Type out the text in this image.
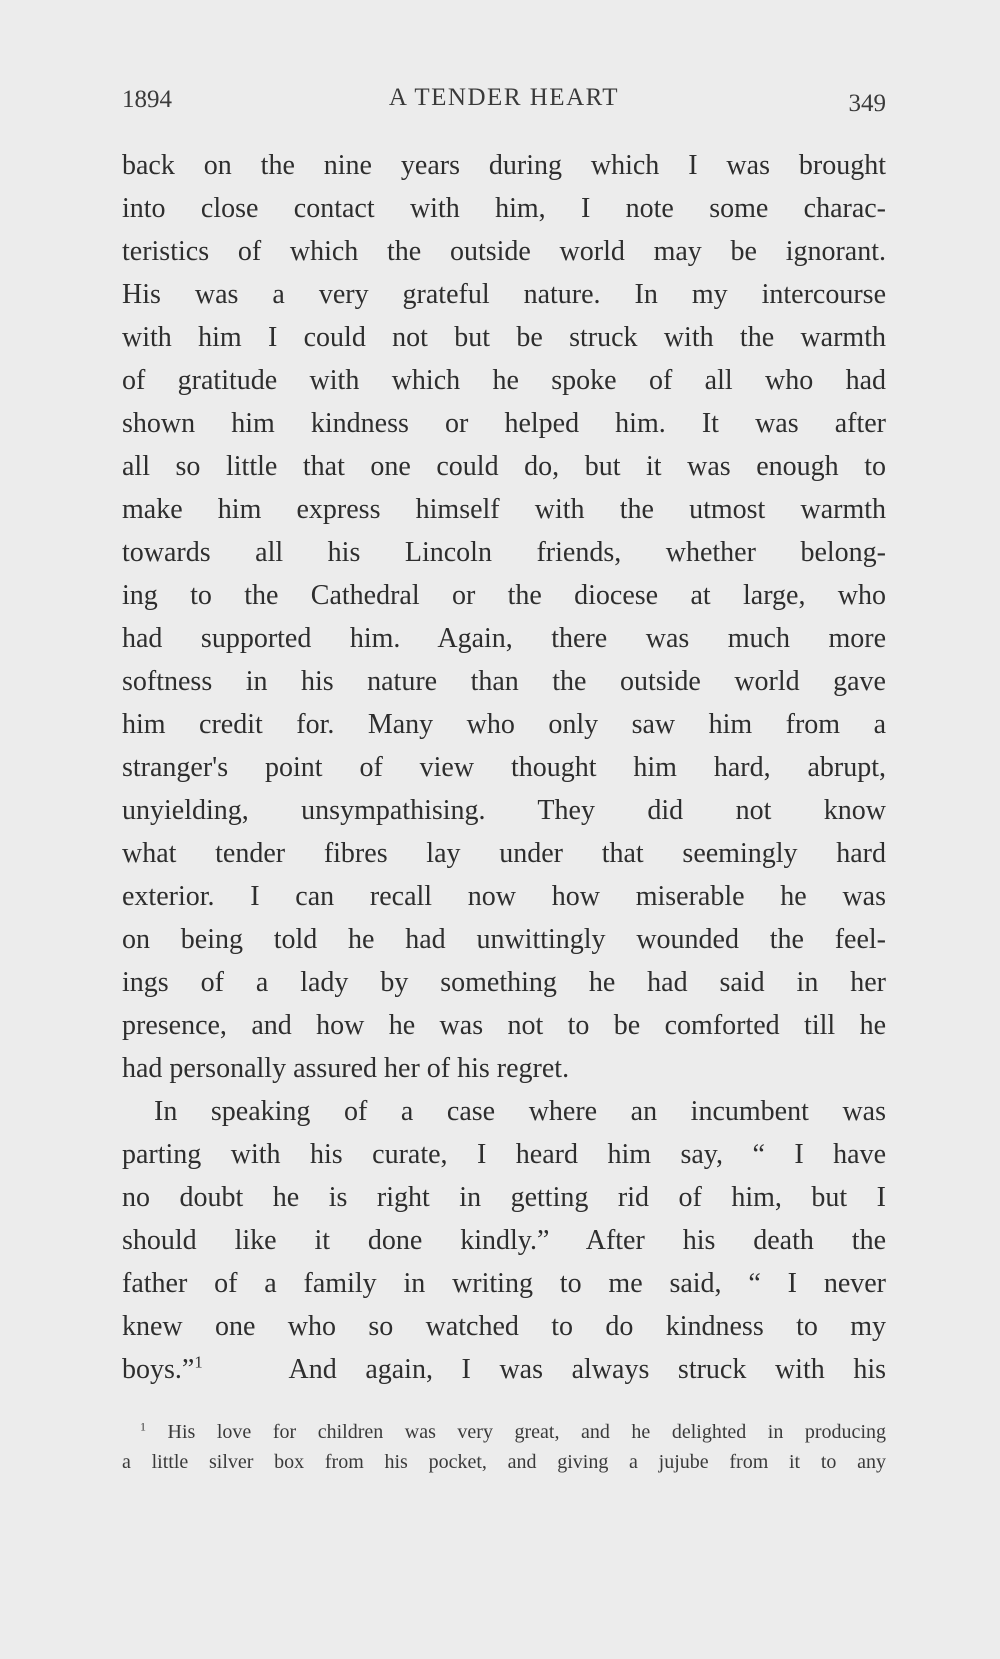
1894	A TENDER HEART	349
back on the nine years during which I was brought
into close contact with him, I note some charac-
teristics of which the outside world may be ignorant.
His was a very grateful nature. In my intercourse
with him I could not but be struck with the warmth
of gratitude with which he spoke of all who had
shown him kindness or helped him. It was after
all so little that one could do, but it was enough to
make him express himself with the utmost warmth
towards all his Lincoln friends, whether belong-
ing to the Cathedral or the diocese at large, who
had supported him. Again, there was much more
softness in his nature than the outside world gave
him credit for. Many who only saw him from a
stranger's point of view thought him hard, abrupt,
unyielding, unsympathising. They did not know
what tender fibres lay under that seemingly hard
exterior. I can recall now how miserable he was
on being told he had unwittingly wounded the feel-
ings of a lady by something he had said in her
presence, and how he was not to be comforted till he
had personally assured her of his regret.
In speaking of a case where an incumbent was
parting with his curate, I heard him say, “ I have
no doubt he is right in getting rid of him, but I
should like it done kindly.” After his death the
father of a family in writing to me said, “ I never
knew one who so watched to do kindness to my
boys.”$^1$	And again, I was always struck with his
$^1$ His love for children was very great, and he delighted in producing
a little silver box from his pocket, and giving a jujube from it to any
